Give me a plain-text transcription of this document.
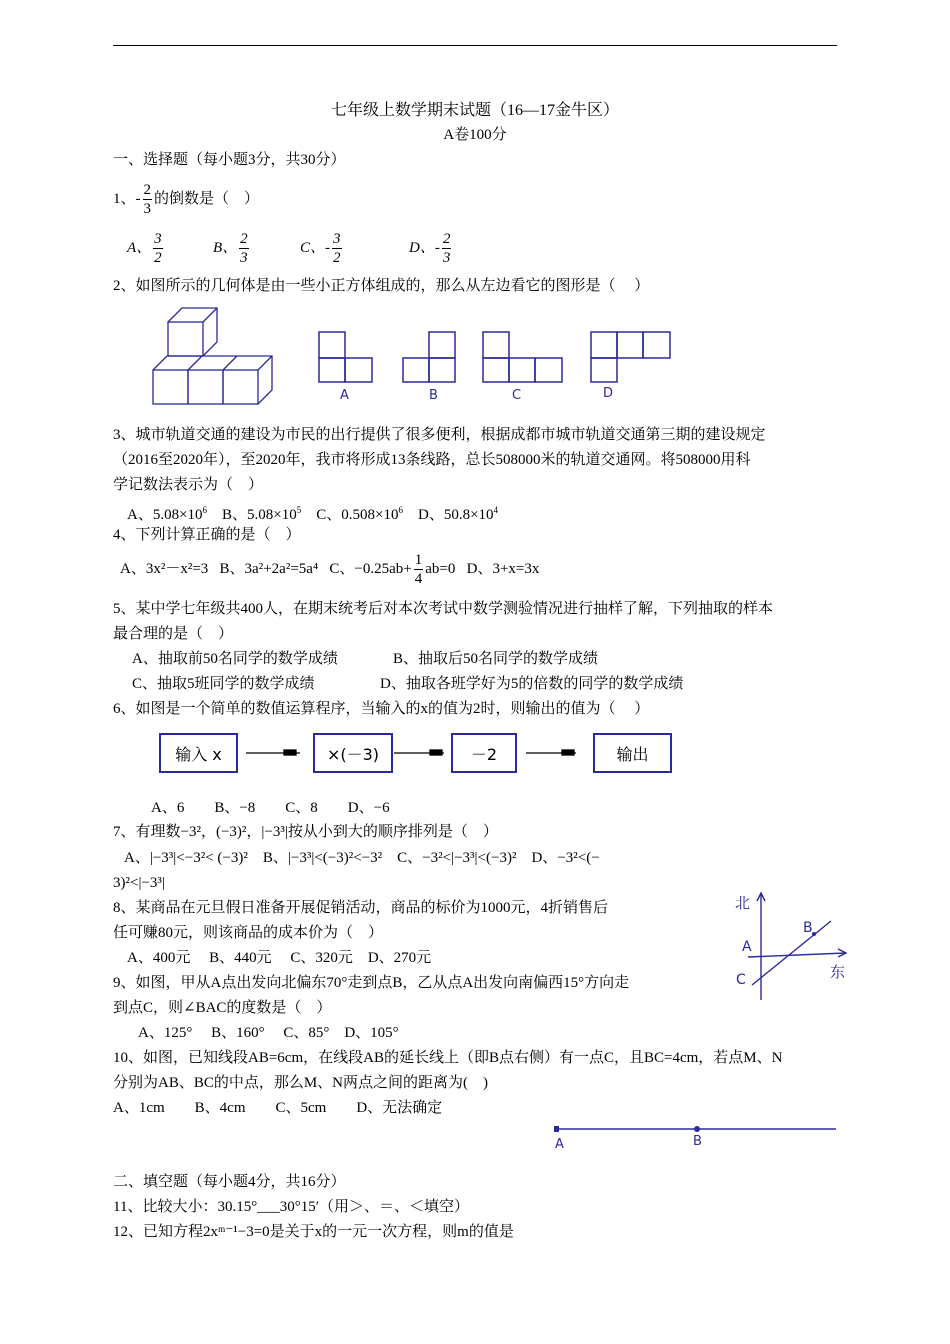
七年级上数学期末试题（16—17金牛区）
A卷100分
一、选择题（每小题3分，共30分）
1、- $\frac{2}{3}$ 的倒数是（　）
A、 $\frac{3}{2}$	B、 $\frac{2}{3}$	C、- $\frac{3}{2}$	D、- $\frac{2}{3}$
2、如图所示的几何体是由一些小正方体组成的，那么从左边看它的图形是（　 ）
A	B	C	D
3、城市轨道交通的建设为市民的出行提供了很多便利，根据成都市城市轨道交通第三期的建设规定
（2016至2020年），至2020年，我市将形成13条线路，总长508000米的轨道交通网。将508000用科
学记数法表示为（　）
A、$5.08\times 10^6$ B、$5.08\times 10^5$ C、$0.508\times 10^6$ D、$50.8\times 10^4$
4、下列计算正确的是（　）
A、3x²－x²=3 B、3a²+2a²=5a⁴ C、$-0.25ab+ \frac{1}{4} ab=0$ D、3+x=3x
5、某中学七年级共400人，在期末统考后对本次考试中数学测验情况进行抽样了解，下列抽取的样本
最合理的是（　）
A、抽取前50名同学的数学成绩	B、抽取后50名同学的数学成绩
C、抽取5班同学的数学成绩	D、抽取各班学好为5的倍数的同学的数学成绩
6、如图是一个简单的数值运算程序，当输入的x的值为2时，则输出的值为（　 ）
输入 x	×(－3)	－2	输出
A、6　　B、−8　　C、8　　D、−6
7、有理数−3²，(−3)²，|−3³|按从小到大的顺序排列是（　）
A、|−3³|<−3²< (−3)²　B、|−3³|<(−3)²<−3²　C、−3²<|−3³|<(−3)²　D、−3²<(−
3)²<|−3³|
8、某商品在元旦假日准备开展促销活动，商品的标价为1000元，4折销售后
任可赚80元，则该商品的成本价为（　）
A、400元　 B、440元　 C、320元　D、270元
9、如图，甲从A点出发向北偏东70°走到点B，乙从点A出发向南偏西15°方向走
到点C，则∠BAC的度数是（　）
A、125°　 B、160°　 C、85°　D、105°
北
东
A
B
C
10、如图，已知线段AB=6cm，在线段AB的延长线上（即B点右侧）有一点C，且BC=4cm，若点M、N
分别为AB、BC的中点，那么M、N两点之间的距离为(　)
A、1cm　　B、4cm　　C、5cm　　D、无法确定
A	B
二、填空题（每小题4分，共16分）
11、比较大小：30.15°___30°15′（用＞、＝、＜填空）
12、已知方程2xᵐ⁻¹−3=0是关于x的一元一次方程，则m的值是
